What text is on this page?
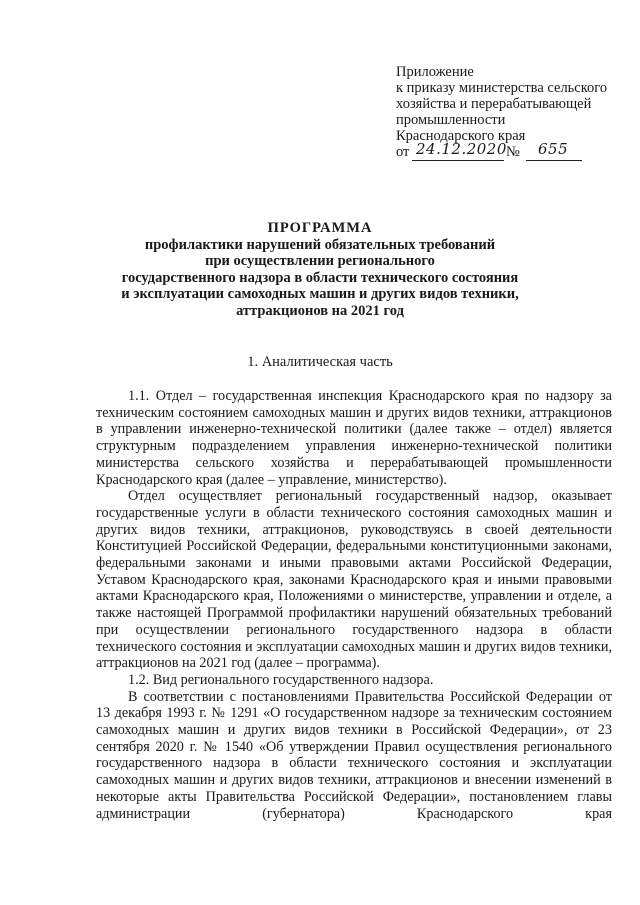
Приложение
к приказу министерства сельского
хозяйства и перерабатывающей
промышленности
Краснодарского края
от 24.12.2020 № 655
ПРОГРАММА
профилактики нарушений обязательных требований
при осуществлении регионального
государственного надзора в области технического состояния
и эксплуатации самоходных машин и других видов техники,
аттракционов на 2021 год
1. Аналитическая часть

1.1. Отдел – государственная инспекция Краснодарского края по надзору за техническим состоянием самоходных машин и других видов техники, аттракционов в управлении инженерно-технической политики (далее также – отдел) является структурным подразделением управления инженерно-технической политики министерства сельского хозяйства и перерабатывающей промышленности Краснодарского края (далее – управление, министерство).

Отдел осуществляет региональный государственный надзор, оказывает государственные услуги в области технического состояния самоходных машин и других видов техники, аттракционов, руководствуясь в своей деятельности Конституцией Российской Федерации, федеральными конституционными законами, федеральными законами и иными правовыми актами Российской Федерации, Уставом Краснодарского края, законами Краснодарского края и иными правовыми актами Краснодарского края, Положениями о министерстве, управлении и отделе, а также настоящей Программой профилактики нарушений обязательных требований при осуществлении регионального государственного надзора в области технического состояния и эксплуатации самоходных машин и других видов техники, аттракционов на 2021 год (далее – программа).

1.2. Вид регионального государственного надзора.

В соответствии с постановлениями Правительства Российской Федерации от 13 декабря 1993 г. № 1291 «О государственном надзоре за техническим состоянием самоходных машин и других видов техники в Российской Федерации», от 23 сентября 2020 г. № 1540 «Об утверждении Правил осуществления регионального государственного надзора в области технического состояния и эксплуатации самоходных машин и других видов техники, аттракционов и внесении изменений в некоторые акты Правительства Российской Федерации», постановлением главы администрации (губернатора) Краснодарского края
